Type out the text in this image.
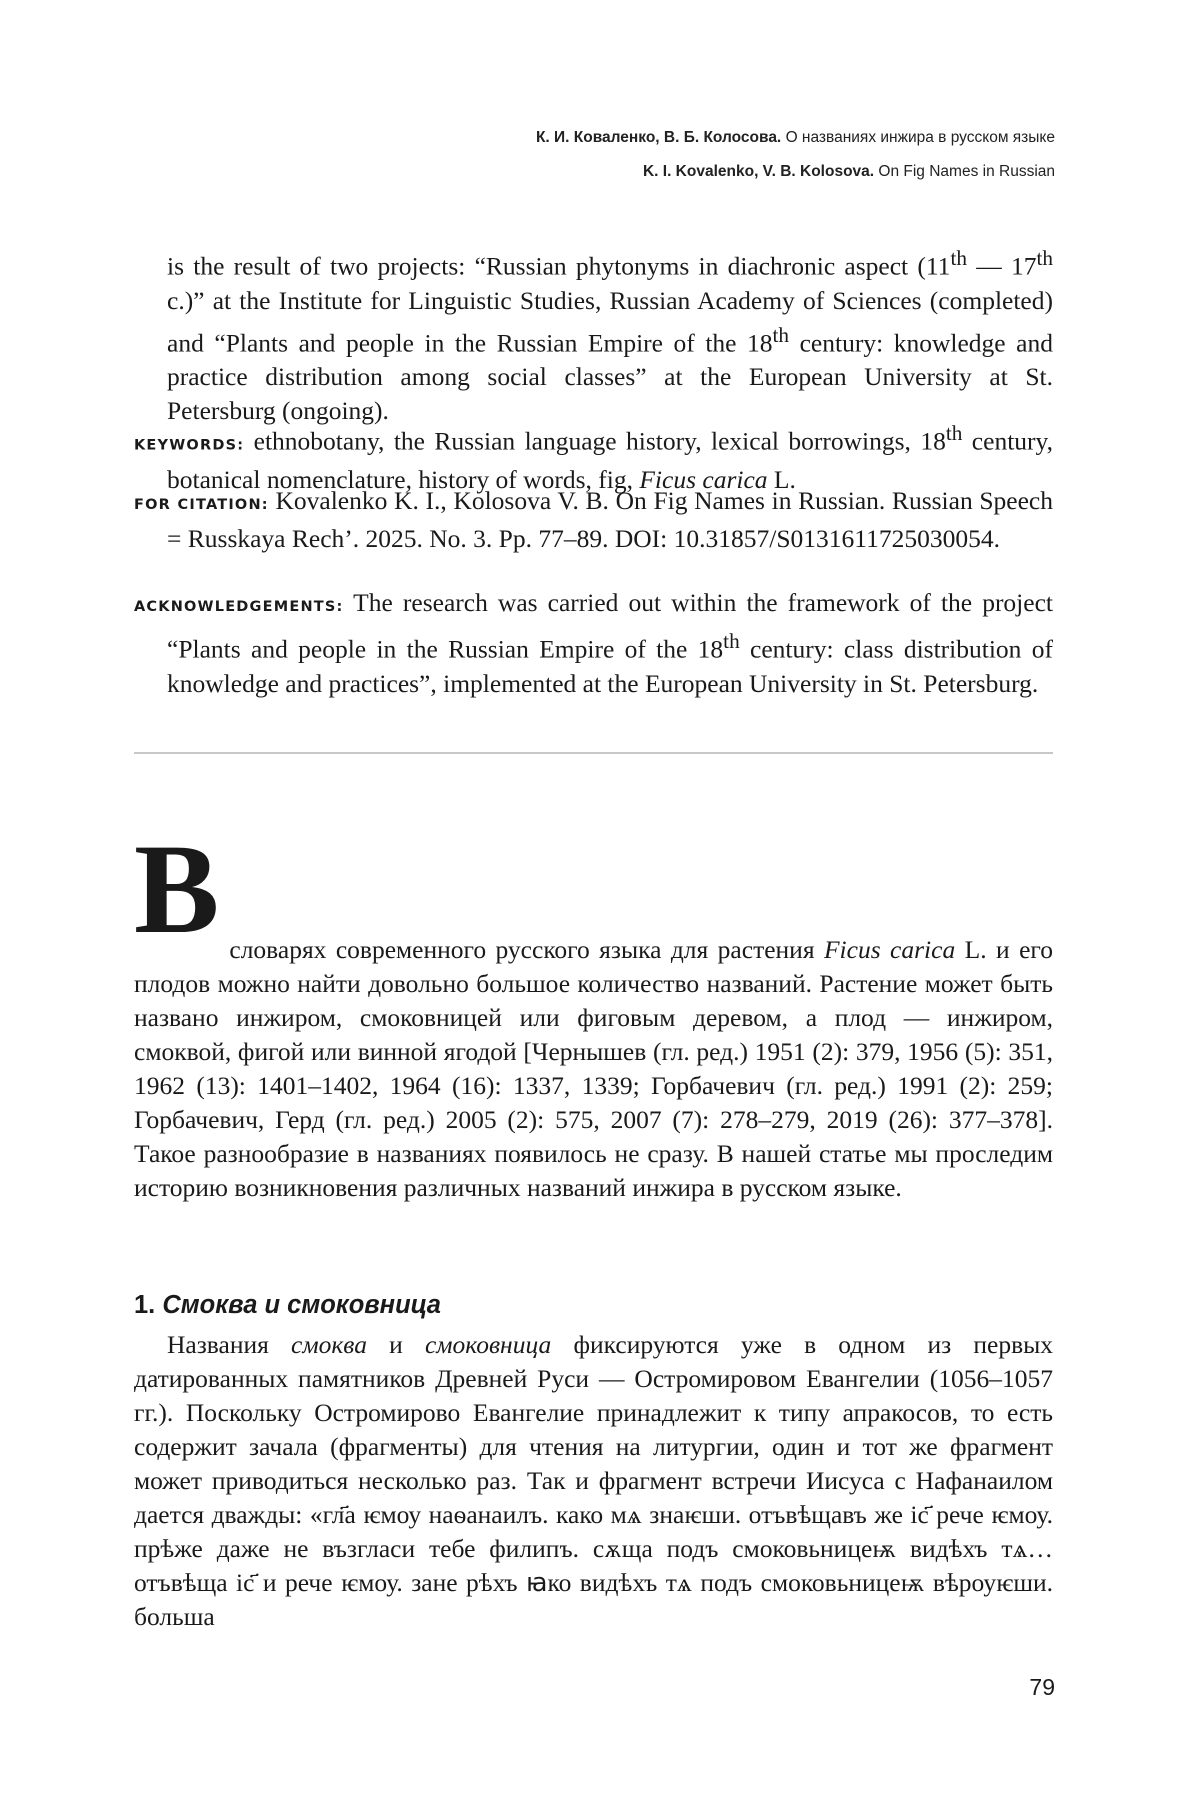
К. И. Коваленко, В. Б. Колосова. О названиях инжира в русском языке
K. I. Kovalenko, V. B. Kolosova. On Fig Names in Russian
is the result of two projects: “Russian phytonyms in diachronic aspect (11th — 17th c.)” at the Institute for Linguistic Studies, Russian Academy of Sciences (completed) and “Plants and people in the Russian Empire of the 18th century: knowledge and practice distribution among social classes” at the European University at St. Petersburg (ongoing).
KEYWORDS: ethnobotany, the Russian language history, lexical borrowings, 18th century, botanical nomenclature, history of words, fig, Ficus carica L.
FOR CITATION: Kovalenko K. I., Kolosova V. B. On Fig Names in Russian. Russian Speech = Russkaya Rech’. 2025. No. 3. Pp. 77–89. DOI: 10.31857/S0131611725030054.
ACKNOWLEDGEMENTS: The research was carried out within the framework of the project “Plants and people in the Russian Empire of the 18th century: class distribution of knowledge and practices”, implemented at the European University in St. Petersburg.
В словарях современного русского языка для растения Ficus carica L. и его плодов можно найти довольно большое количество названий. Растение может быть названо инжиром, смоковницей или фиговым деревом, а плод — инжиром, смоквой, фигой или винной ягодой [Чернышев (гл. ред.) 1951 (2): 379, 1956 (5): 351, 1962 (13): 1401–1402, 1964 (16): 1337, 1339; Горбачевич (гл. ред.) 1991 (2): 259; Горбачевич, Герд (гл. ред.) 2005 (2): 575, 2007 (7): 278–279, 2019 (26): 377–378]. Такое разнообразие в названиях появилось не сразу. В нашей статье мы проследим историю возникновения различных названий инжира в русском языке.
1. Смоква и смоковница
Названия смоква и смоковница фиксируются уже в одном из первых датированных памятников Древней Руси — Остромировом Евангелии (1056–1057 гг.). Поскольку Остромирово Евангелие принадлежит к типу апракосов, то есть содержит зачала (фрагменты) для чтения на литургии, один и тот же фрагмент может приводиться несколько раз. Так и фрагмент встречи Иисуса с Нафанаилом дается дважды: «гл҃а ѥмоу наѳанаилъ. како мѧ знаѥши. отъвѣщавъ же іс҃ рече ѥмоу. прѣже даже не възгласи тебе филипъ. сѫща подъ смоковьницеѭ видѣхъ тѧ… отъвѣща іс҃ и рече ѥмоу. зане рѣхъ ꙗко видѣхъ тѧ подъ смоковьницеѭ вѣроуѥши. больша
79
